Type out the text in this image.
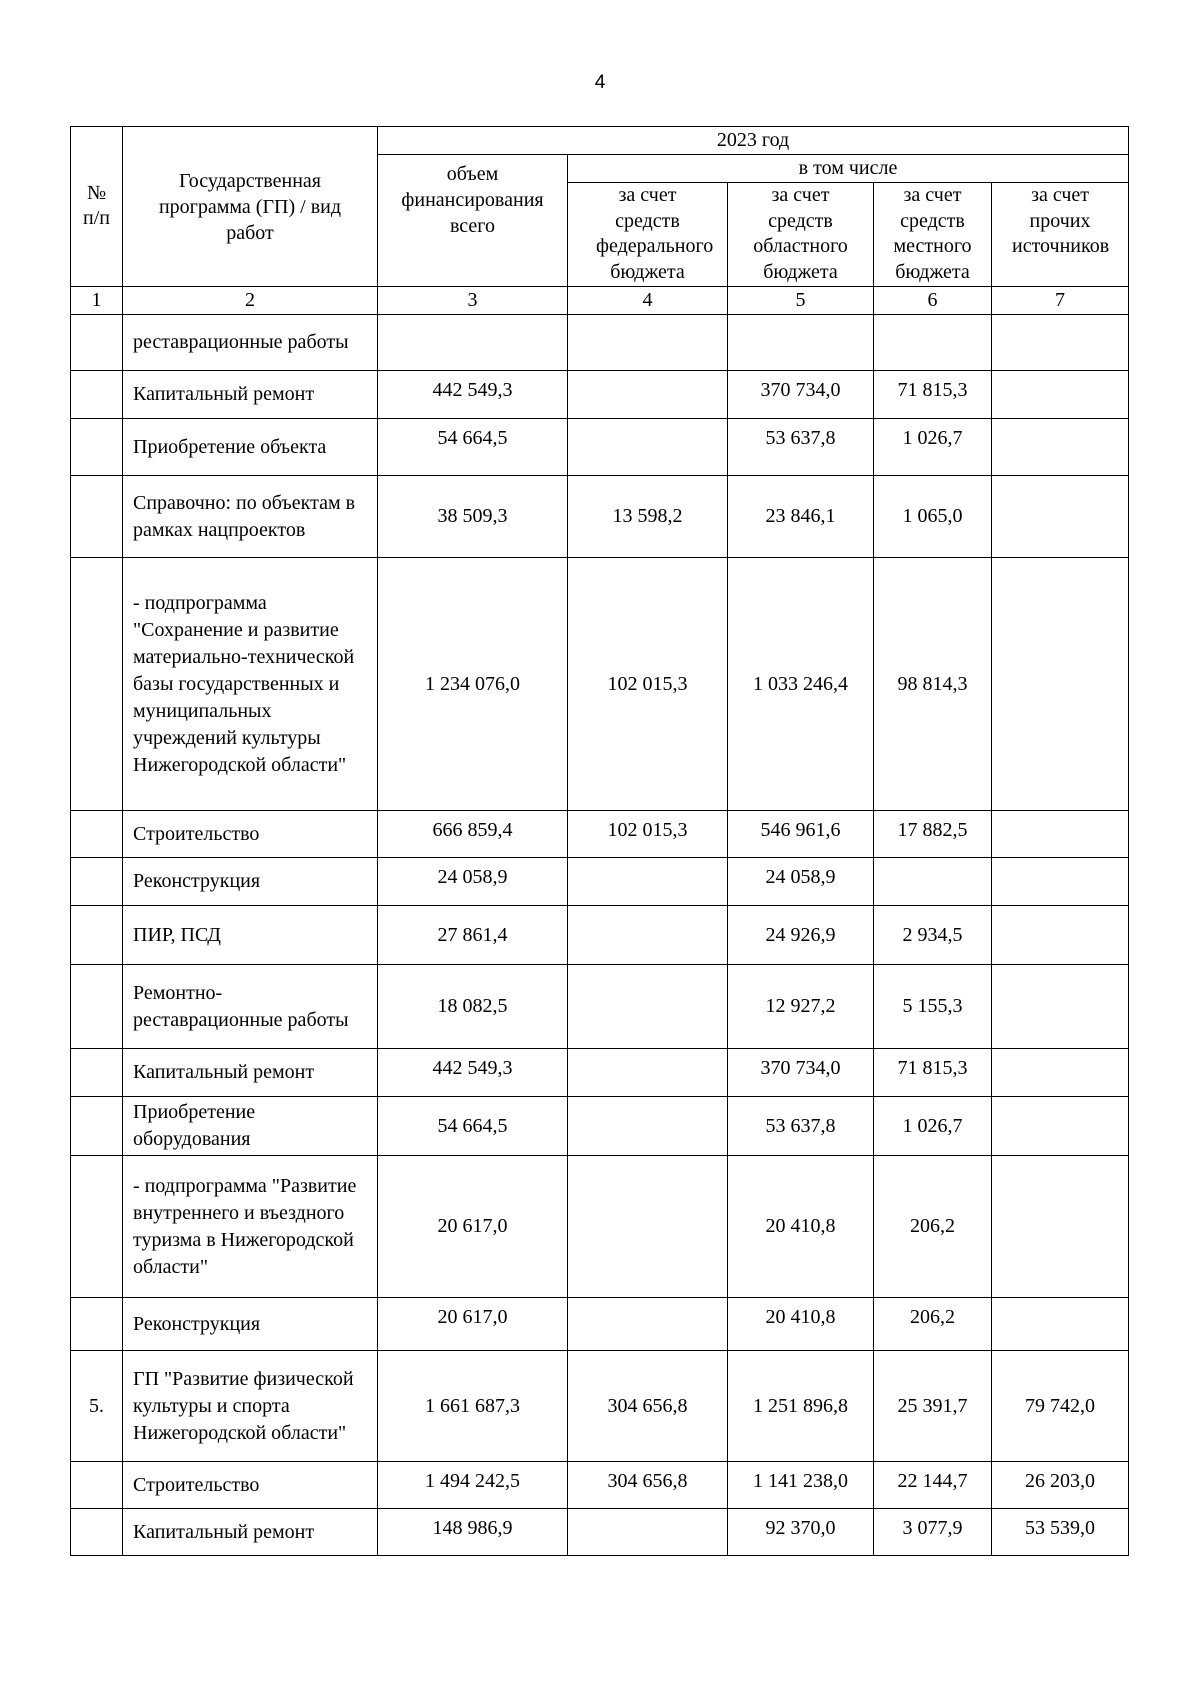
4
№ п/п	Государственная программа (ГП) / вид работ	2023 год				
		объем финансирования всего	в том числе			
			за счет средств федерального бюджета	за счет средств областного бюджета	за счет средств местного бюджета	за счет прочих источников
1	2	3	4	5	6	7
	реставрационные работы					
	Капитальный ремонт	442 549,3		370 734,0	71 815,3	
	Приобретение объекта	54 664,5		53 637,8	1 026,7	
	Справочно: по объектам в рамках нацпроектов	38 509,3	13 598,2	23 846,1	1 065,0	
	- подпрограмма "Сохранение и развитие материально-технической базы государственных и муниципальных учреждений культуры Нижегородской области"	1 234 076,0	102 015,3	1 033 246,4	98 814,3	
	Строительство	666 859,4	102 015,3	546 961,6	17 882,5	
	Реконструкция	24 058,9		24 058,9		
	ПИР, ПСД	27 861,4		24 926,9	2 934,5	
	Ремонтно-реставрационные работы	18 082,5		12 927,2	5 155,3	
	Капитальный ремонт	442 549,3		370 734,0	71 815,3	
	Приобретение оборудования	54 664,5		53 637,8	1 026,7	
	- подпрограмма "Развитие внутреннего и въездного туризма в Нижегородской области"	20 617,0		20 410,8	206,2	
	Реконструкция	20 617,0		20 410,8	206,2	
5.	ГП "Развитие физической культуры и спорта Нижегородской области"	1 661 687,3	304 656,8	1 251 896,8	25 391,7	79 742,0
	Строительство	1 494 242,5	304 656,8	1 141 238,0	22 144,7	26 203,0
	Капитальный ремонт	148 986,9		92 370,0	3 077,9	53 539,0
